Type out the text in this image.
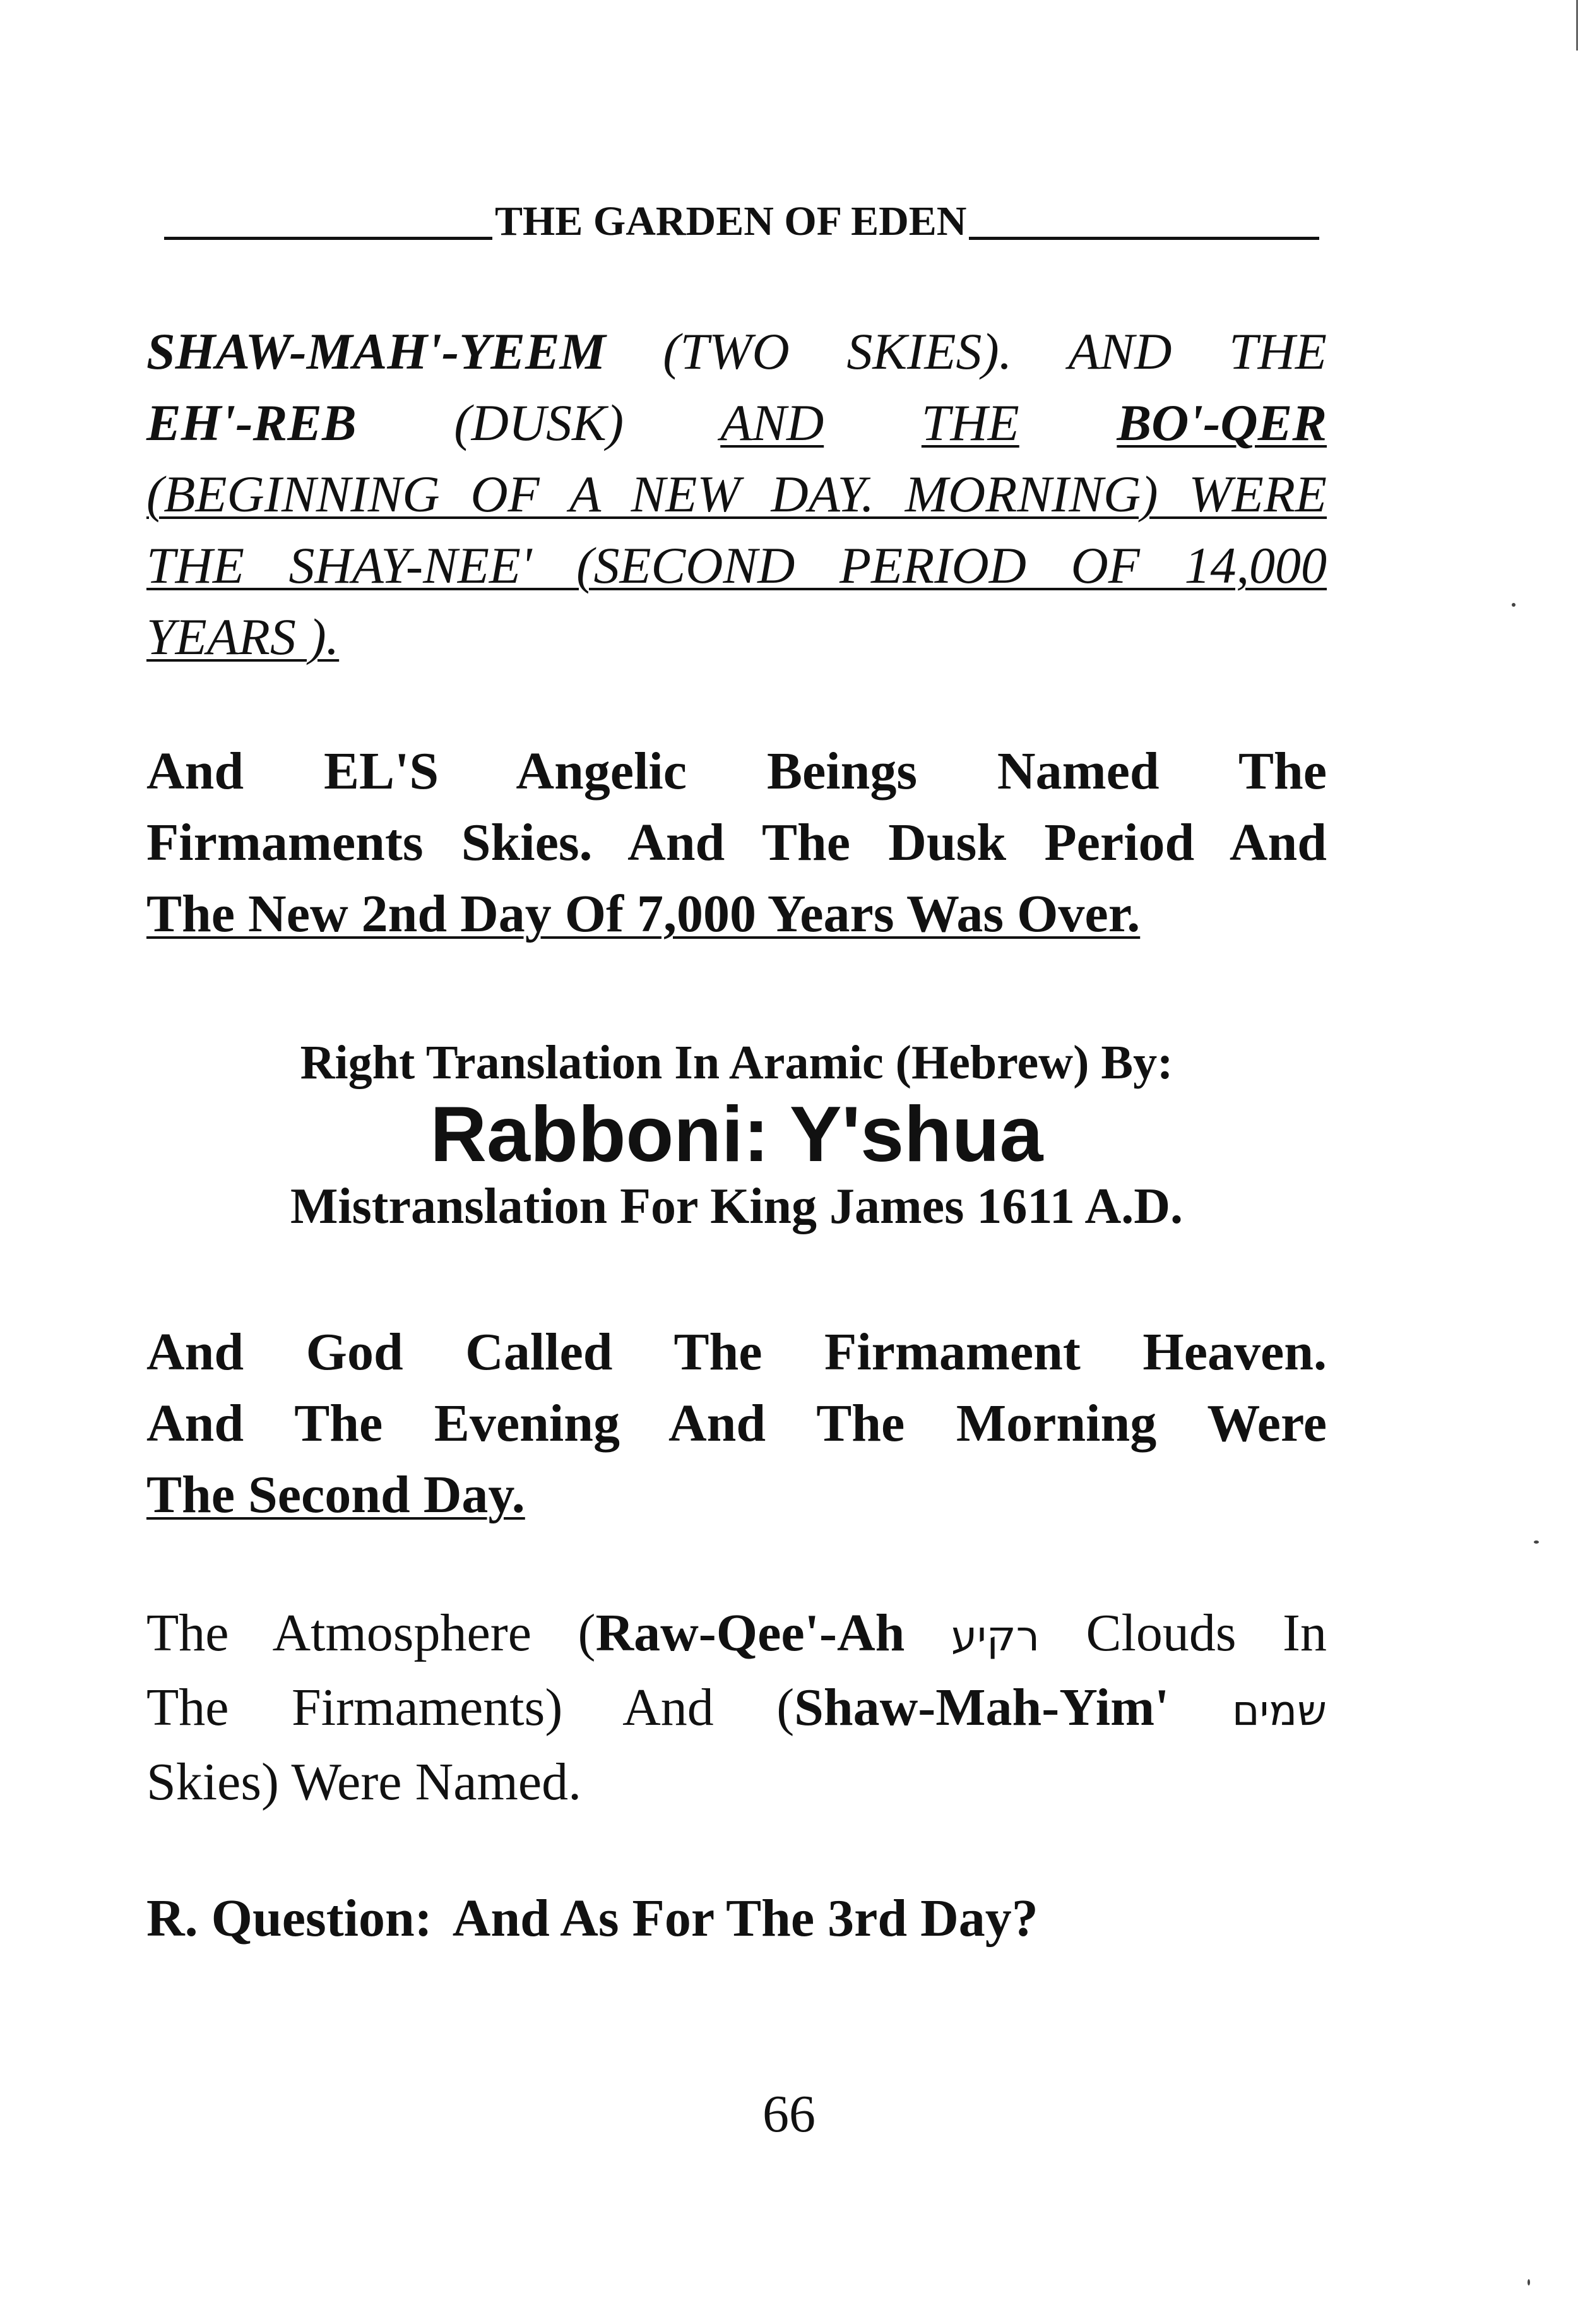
THE GARDEN OF EDEN
SHAW-MAH'-YEEM (TWO SKIES). AND THE
EH'-REB (DUSK) AND THE BO'-QER
(BEGINNING OF A NEW DAY. MORNING) WERE
THE SHAY-NEE' (SECOND PERIOD OF 14,000
YEARS ).
And EL'S Angelic Beings Named The
Firmaments Skies. And The Dusk Period And
The New 2nd Day Of 7,000 Years Was Over.
Right Translation In Aramic (Hebrew) By:
Rabboni: Y'shua
Mistranslation For King James 1611 A.D.
And God Called The Firmament Heaven.
And The Evening And The Morning Were
The Second Day.
The Atmosphere (Raw-Qee'-Ah רקיע Clouds In
The Firmaments) And (Shaw-Mah-Yim' שמים
Skies) Were Named.
R. Question: And As For The 3rd Day?
66
